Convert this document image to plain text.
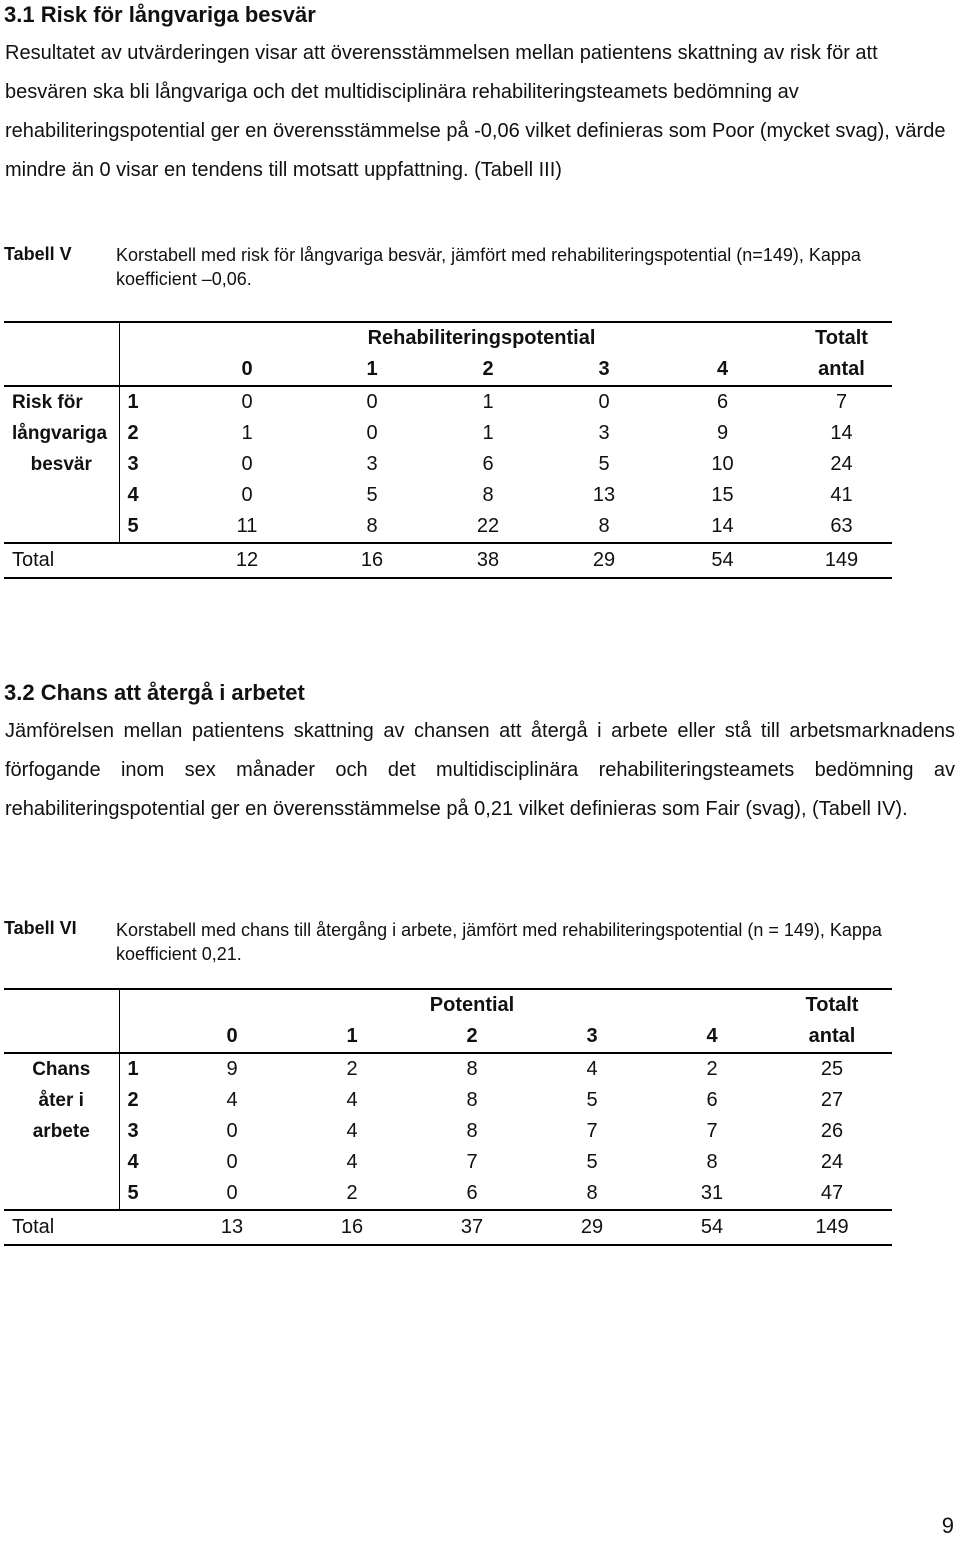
3.1 Risk för långvariga besvär
Resultatet av utvärderingen visar att överensstämmelsen mellan patientens skattning av risk för att besvären ska bli långvariga och det multidisciplinära rehabiliteringsteamets bedömning av rehabiliteringspotential ger en överensstämmelse på -0,06 vilket definieras som Poor (mycket svag), värde mindre än 0 visar en tendens till motsatt uppfattning. (Tabell III)
Tabell V Korstabell med risk för långvariga besvär, jämfört med rehabiliteringspotential (n=149), Kappa koefficient –0,06.
		Rehabiliteringspotential					Totalt
		0	1	2	3	4	antal
Risk för	1	0	0	1	0	6	7
långvariga	2	1	0	1	3	9	14
besvär	3	0	3	6	5	10	24
	4	0	5	8	13	15	41
	5	11	8	22	8	14	63
Total		12	16	38	29	54	149
3.2 Chans att återgå i arbetet
Jämförelsen mellan patientens skattning av chansen att återgå i arbete eller stå till arbetsmarknadens förfogande inom sex månader och det multidisciplinära rehabiliteringsteamets bedömning av rehabiliteringspotential ger en överensstämmelse på 0,21 vilket definieras som Fair (svag), (Tabell IV).
Tabell VI Korstabell med chans till återgång i arbete, jämfört med rehabiliteringspotential (n = 149), Kappa koefficient 0,21.
		Potential					Totalt
		0	1	2	3	4	antal
Chans	1	9	2	8	4	2	25
åter i	2	4	4	8	5	6	27
arbete	3	0	4	8	7	7	26
	4	0	4	7	5	8	24
	5	0	2	6	8	31	47
Total		13	16	37	29	54	149
9
